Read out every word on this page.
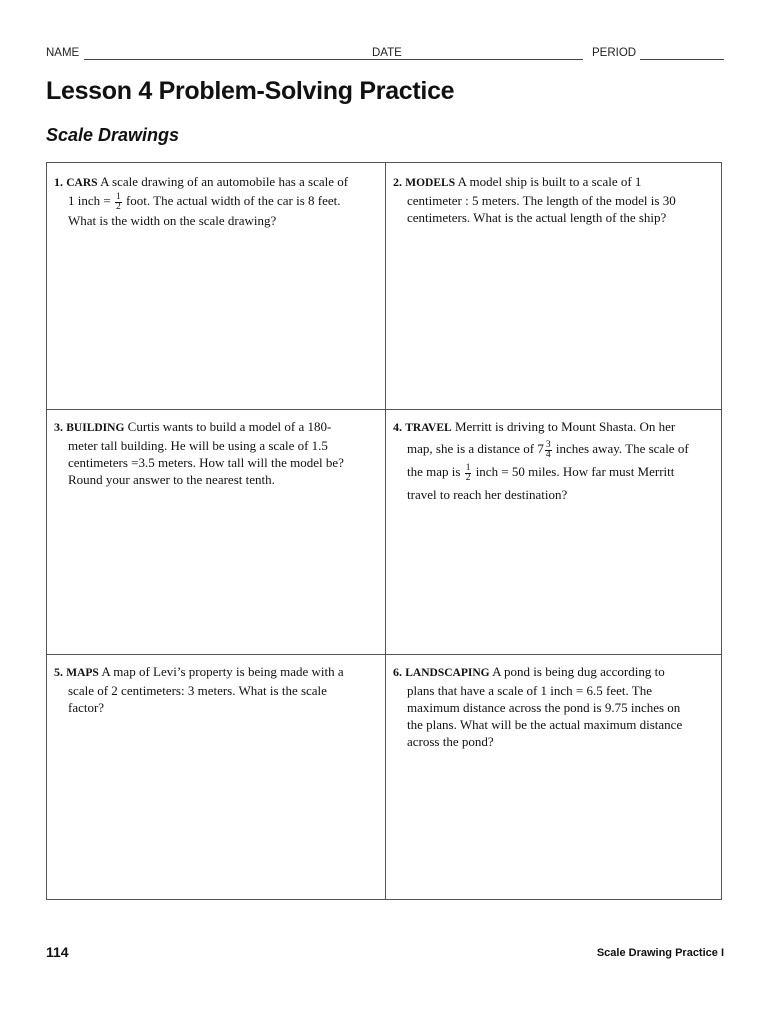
NAME	DATE	PERIOD
Lesson 4 Problem-Solving Practice
Scale Drawings
1. CARS A scale drawing of an automobile has a scale of
1 inch = $\frac{1}{2}$ foot. The actual width of the car is 8 feet.
What is the width on the scale drawing?
2. MODELS A model ship is built to a scale of 1
centimeter : 5 meters. The length of the model is 30
centimeters. What is the actual length of the ship?
3. BUILDING Curtis wants to build a model of a 180-
meter tall building. He will be using a scale of 1.5
centimeters =3.5 meters. How tall will the model be?
Round your answer to the nearest tenth.
4. TRAVEL Merritt is driving to Mount Shasta. On her
map, she is a distance of $7 \frac{3}{4}$ inches away. The scale of
the map is $\frac{1}{2}$ inch = 50 miles. How far must Merritt
travel to reach her destination?
5. MAPS A map of Levi’s property is being made with a
scale of 2 centimeters: 3 meters. What is the scale
factor?
6. LANDSCAPING A pond is being dug according to
plans that have a scale of 1 inch = 6.5 feet. The
maximum distance across the pond is 9.75 inches on
the plans. What will be the actual maximum distance
across the pond?
114	Scale Drawing Practice I
